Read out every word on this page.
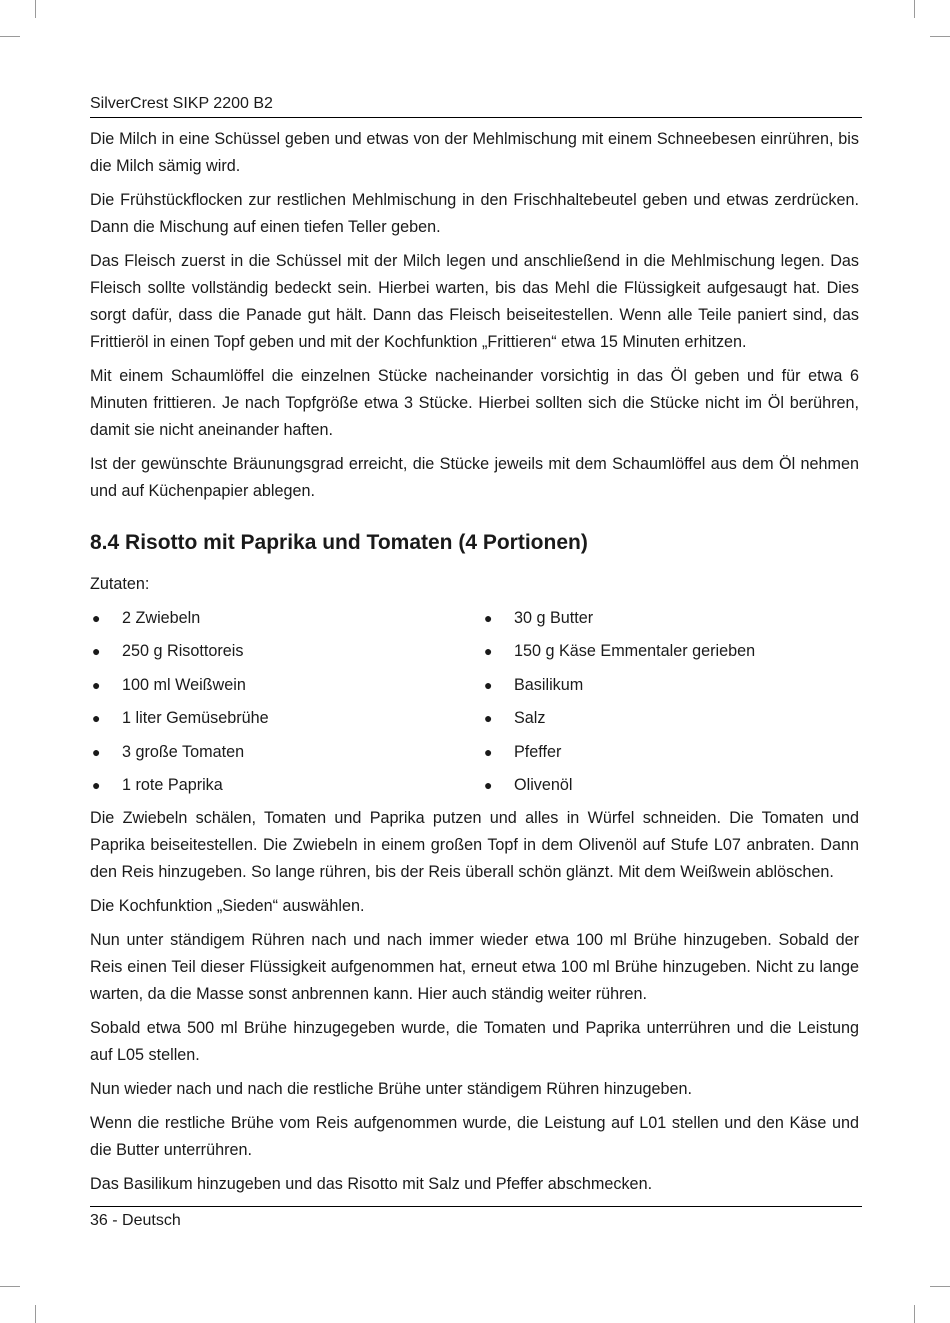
SilverCrest SIKP 2200 B2

Die Milch in eine Schüssel geben und etwas von der Mehlmischung mit einem Schneebesen einrühren, bis die Milch sämig wird.

Die Frühstückflocken zur restlichen Mehlmischung in den Frischhaltebeutel geben und etwas zerdrücken. Dann die Mischung auf einen tiefen Teller geben.

Das Fleisch zuerst in die Schüssel mit der Milch legen und anschließend in die Mehlmischung legen. Das Fleisch sollte vollständig bedeckt sein. Hierbei warten, bis das Mehl die Flüssigkeit aufgesaugt hat. Dies sorgt dafür, dass die Panade gut hält. Dann das Fleisch beiseitestellen. Wenn alle Teile paniert sind, das Frittieröl in einen Topf geben und mit der Kochfunktion „Frittieren“ etwa 15 Minuten erhitzen.

Mit einem Schaumlöffel die einzelnen Stücke nacheinander vorsichtig in das Öl geben und für etwa 6 Minuten frittieren. Je nach Topfgröße etwa 3 Stücke. Hierbei sollten sich die Stücke nicht im Öl berühren, damit sie nicht aneinander haften.

Ist der gewünschte Bräunungsgrad erreicht, die Stücke jeweils mit dem Schaumlöffel aus dem Öl nehmen und auf Küchenpapier ablegen.

8.4 Risotto mit Paprika und Tomaten (4 Portionen)

Zutaten:

●	2 Zwiebeln	●	30 g Butter
●	250 g Risottoreis	●	150 g Käse Emmentaler gerieben
●	100 ml Weißwein	●	Basilikum
●	1 liter Gemüsebrühe	●	Salz
●	3 große Tomaten	●	Pfeffer
●	1 rote Paprika	●	Olivenöl

Die Zwiebeln schälen, Tomaten und Paprika putzen und alles in Würfel schneiden. Die Tomaten und Paprika beiseitestellen. Die Zwiebeln in einem großen Topf in dem Olivenöl auf Stufe L07 anbraten. Dann den Reis hinzugeben. So lange rühren, bis der Reis überall schön glänzt. Mit dem Weißwein ablöschen.

Die Kochfunktion „Sieden“ auswählen.

Nun unter ständigem Rühren nach und nach immer wieder etwa 100 ml Brühe hinzugeben. Sobald der Reis einen Teil dieser Flüssigkeit aufgenommen hat, erneut etwa 100 ml Brühe hinzugeben. Nicht zu lange warten, da die Masse sonst anbrennen kann. Hier auch ständig weiter rühren.

Sobald etwa 500 ml Brühe hinzugegeben wurde, die Tomaten und Paprika unterrühren und die Leistung auf L05 stellen.

Nun wieder nach und nach die restliche Brühe unter ständigem Rühren hinzugeben.

Wenn die restliche Brühe vom Reis aufgenommen wurde, die Leistung auf L01 stellen und den Käse und die Butter unterrühren.

Das Basilikum hinzugeben und das Risotto mit Salz und Pfeffer abschmecken.

36 - Deutsch
